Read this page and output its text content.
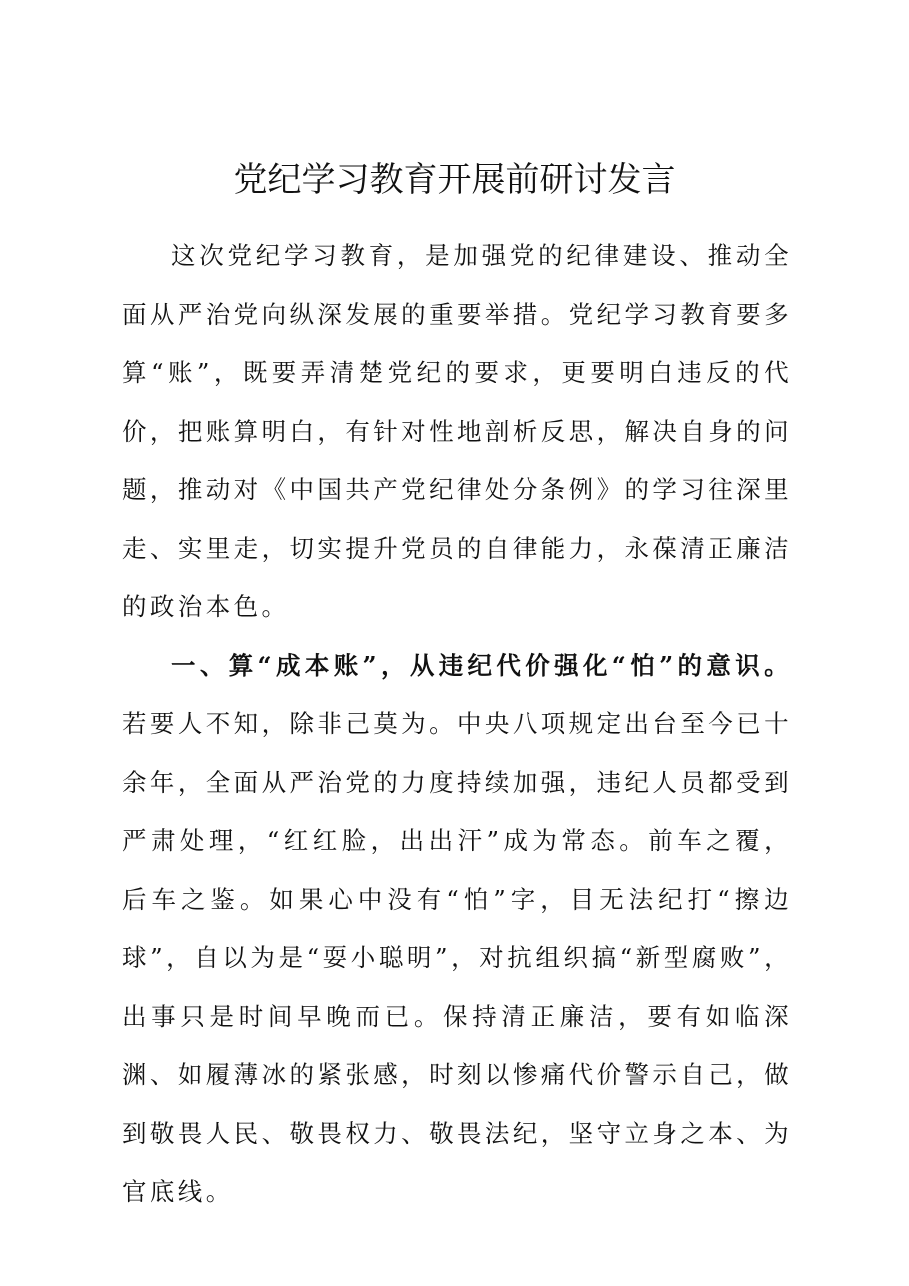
党纪学习教育开展前研讨发言

这次党纪学习教育，是加强党的纪律建设、推动全面从严治党向纵深发展的重要举措。党纪学习教育要多算“账”，既要弄清楚党纪的要求，更要明白违反的代价，把账算明白，有针对性地剖析反思，解决自身的问题，推动对《中国共产党纪律处分条例》的学习往深里走、实里走，切实提升党员的自律能力，永葆清正廉洁的政治本色。

一、算“成本账”，从违纪代价强化“怕”的意识。若要人不知，除非己莫为。中央八项规定出台至今已十余年，全面从严治党的力度持续加强，违纪人员都受到严肃处理，“红红脸，出出汗”成为常态。前车之覆，后车之鉴。如果心中没有“怕”字，目无法纪打“擦边球”，自以为是“耍小聪明”，对抗组织搞“新型腐败”，出事只是时间早晚而已。保持清正廉洁，要有如临深渊、如履薄冰的紧张感，时刻以惨痛代价警示自己，做到敬畏人民、敬畏权力、敬畏法纪，坚守立身之本、为官底线。
